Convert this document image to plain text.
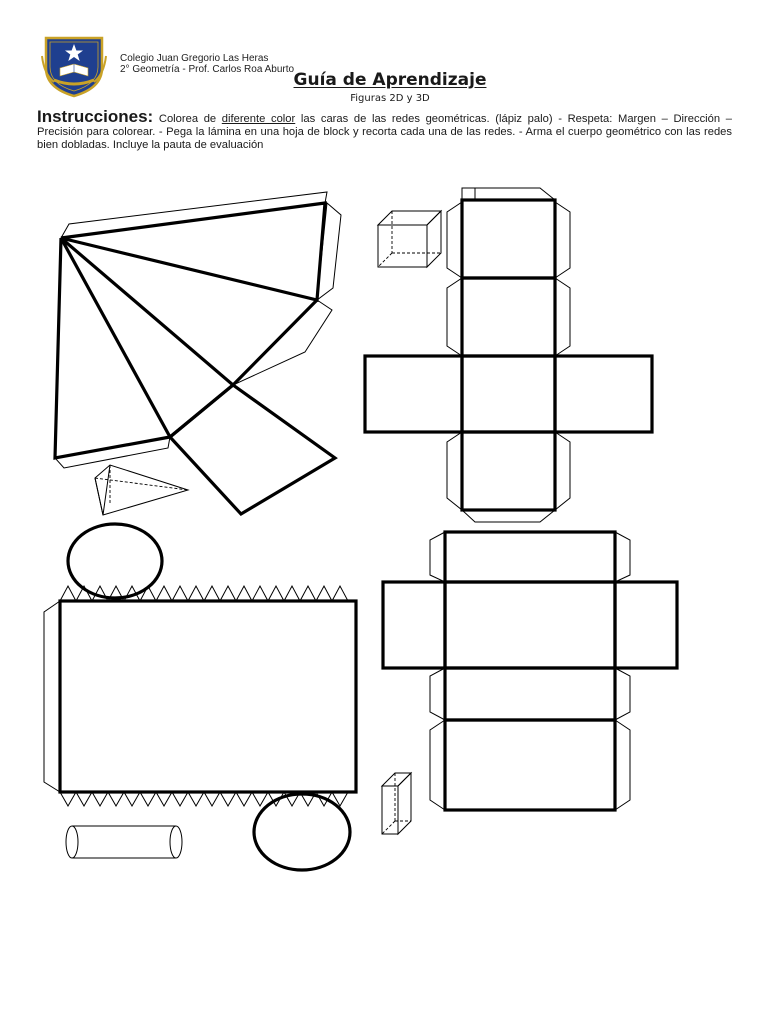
Colegio Juan Gregorio Las Heras
2° Geometría - Prof. Carlos Roa Aburto
Guía de Aprendizaje
Figuras 2D y 3D
Instrucciones: Colorea de diferente color las caras de las redes geométricas. (lápiz palo) - Respeta: Margen – Dirección – Precisión para colorear. - Pega la lámina en una hoja de block y recorta cada una de las redes. - Arma el cuerpo geométrico con las redes bien dobladas. Incluye la pauta de evaluación
